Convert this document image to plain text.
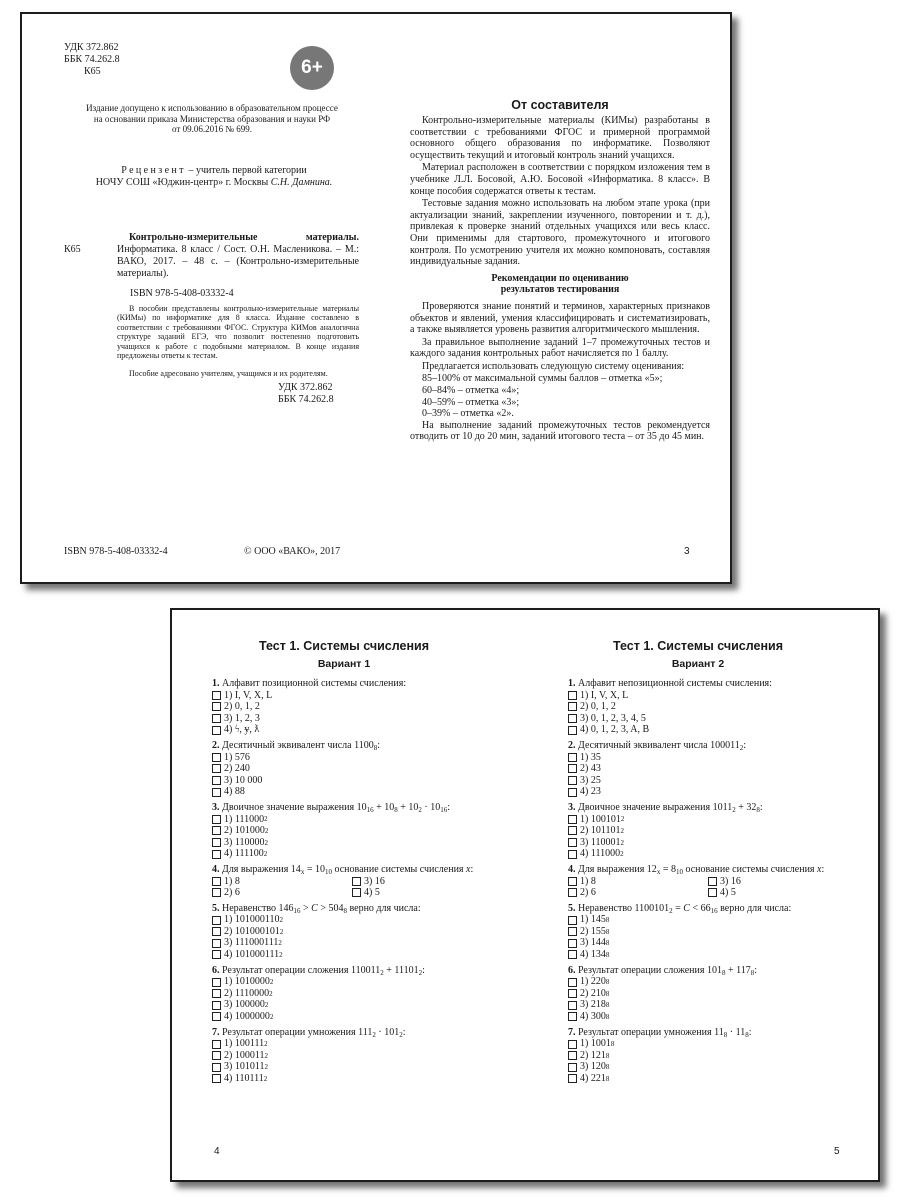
УДК 372.862
ББК 74.262.8
К65	6+
Издание допущено к использованию в образовательном процессе
на основании приказа Министерства образования и науки РФ
от 09.06.2016 № 699.
Рецензент – учитель первой категории
НОЧУ СОШ «Юджин-центр» г. Москвы С.Н. Дамнина.
К65
Контрольно-измерительные материалы. Информатика. 8 класс / Сост. О.Н. Масленикова. – М.: ВАКО, 2017. – 48 с. – (Контрольно-измерительные материалы).
ISBN 978-5-408-03332-4
В пособии представлены контрольно-измерительные материалы (КИМы) по информатике для 8 класса. Издание составлено в соответствии с требованиями ФГОС. Структура КИМов аналогична структуре заданий ЕГЭ, что позволит постепенно подготовить учащихся к работе с подобными материалом. В конце издания предложены ответы к тестам.
Пособие адресовано учителям, учащимся и их родителям.
УДК 372.862
ББК 74.262.8
ISBN 978-5-408-03332-4	© ООО «ВАКО», 2017
От составителя

Контрольно-измерительные материалы (КИМы) разработаны в соответствии с требованиями ФГОС и примерной программой основного общего образования по информатике. Позволяют осуществить текущий и итоговый контроль знаний учащихся.

Материал расположен в соответствии с порядком изложения тем в учебнике Л.Л. Босовой, А.Ю. Босовой «Информатика. 8 класс». В конце пособия содержатся ответы к тестам.

Тестовые задания можно использовать на любом этапе урока (при актуализации знаний, закреплении изученного, повторении и т. д.), привлекая к проверке знаний отдельных учащихся или весь класс. Они применимы для стартового, промежуточного и итогового контроля. По усмотрению учителя их можно компоновать, составляя индивидуальные задания.

Рекомендации по оцениванию
результатов тестирования

Проверяются знание понятий и терминов, характерных признаков объектов и явлений, умения классифицировать и систематизировать, а также выявляется уровень развития алгоритмического мышления.

За правильное выполнение заданий 1–7 промежуточных тестов и каждого задания контрольных работ начисляется по 1 баллу.

Предлагается использовать следующую систему оценивания:

85–100% от максимальной суммы баллов – отметка «5»;

60–84% – отметка «4»;

40–59% – отметка «3»;

0–39% – отметка «2».

На выполнение заданий промежуточных тестов рекомендуется отводить от 10 до 20 мин, заданий итогового теста – от 35 до 45 мин.

3
Тест 1. Системы счисления
Вариант 1
1. Алфавит позиционной системы счисления:
1) I, V, X, L
2) 0, 1, 2
3) 1, 2, 3
4) ϟ, ɏ, ƛ
2. Десятичный эквивалент числа $1100_8$:
1) 576
2) 240
3) 10 000
4) 88
3. Двоичное значение выражения $10_{16} + 10_8 + 10_2 \cdot 10_{16}$:
1) 111000 2
2) 101000 2
3) 110000 2
4) 111100 2
4. Для выражения $14_x = 10_{10}$ основание системы счисления x:
1) 8	3) 16
2) 6	4) 5
5. Неравенство $146_{16} > C > 504_8$ верно для числа:
1) 101000110 2
2) 101000101 2
3) 111000111 2
4) 101000111 2
6. Результат операции сложения $110011_2 + 11101_2$:
1) 1010000 2
2) 1110000 2
3) 100000 2
4) 1000000 2
7. Результат операции умножения $111_2 \cdot 101_2$:
1) 100111 2
2) 100011 2
3) 101011 2
4) 110111 2
4
Тест 1. Системы счисления
Вариант 2
1. Алфавит непозиционной системы счисления:
1) I, V, X, L
2) 0, 1, 2
3) 0, 1, 2, 3, 4, 5
4) 0, 1, 2, 3, A, B
2. Десятичный эквивалент числа $100011_2$:
1) 35
2) 43
3) 25
4) 23
3. Двоичное значение выражения $1011_2 + 32_8$:
1) 100101 2
2) 101101 2
3) 110001 2
4) 111000 2
4. Для выражения $12_x = 8_{10}$ основание системы счисления x:
1) 8	3) 16
2) 6	4) 5
5. Неравенство $1100101_2 = C < 66_{16}$ верно для числа:
1) 145 8
2) 155 8
3) 144 8
4) 134 8
6. Результат операции сложения $101_8 + 117_8$:
1) 220 8
2) 210 8
3) 218 8
4) 300 8
7. Результат операции умножения $11_8 \cdot 11_8$:
1) 1001 8
2) 121 8
3) 120 8
4) 221 8
5
